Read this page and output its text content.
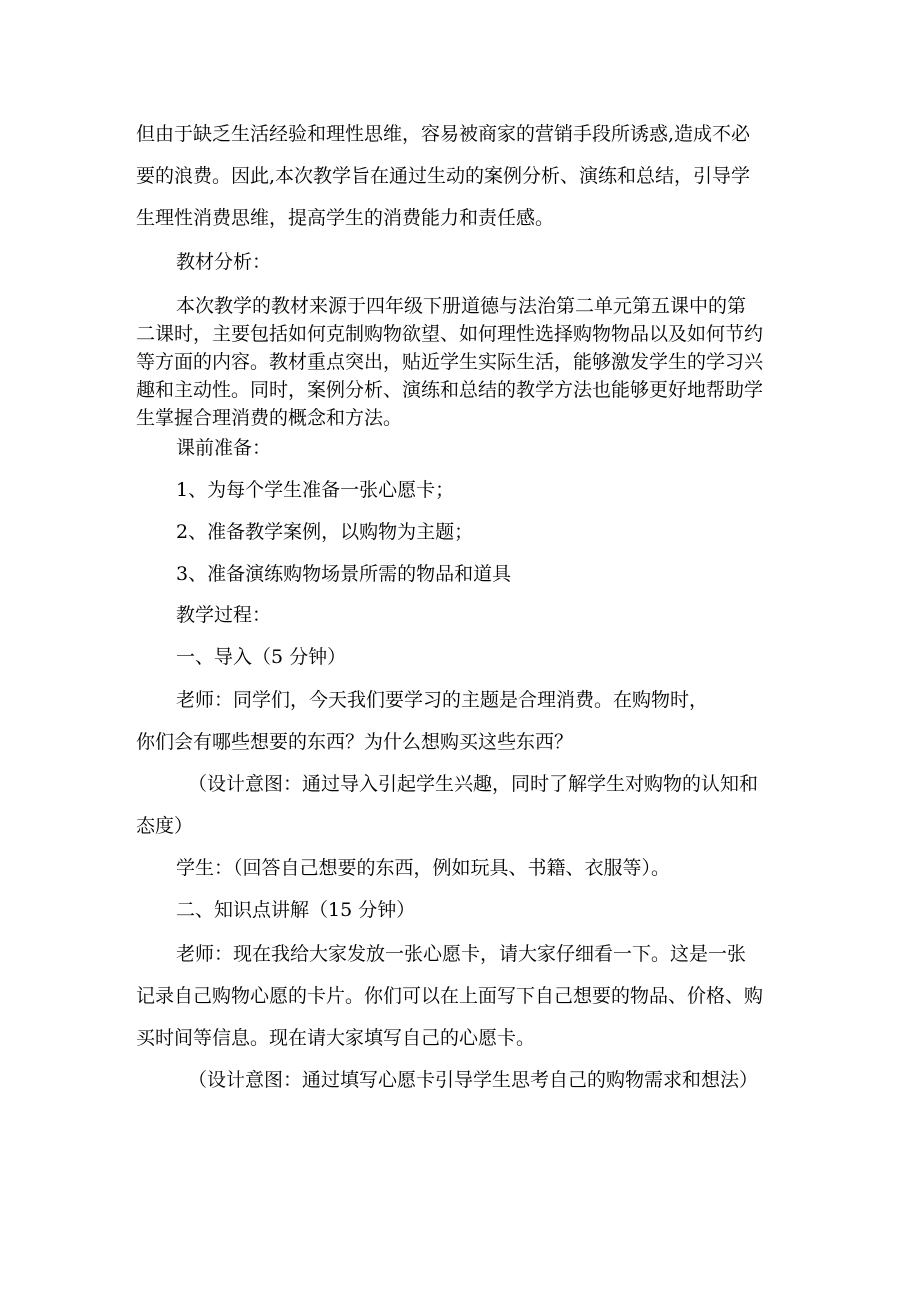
但由于缺乏生活经验和理性思维，容易被商家的营销手段所诱惑,造成不必

要的浪费。因此,本次教学旨在通过生动的案例分析、演练和总结，引导学

生理性消费思维，提高学生的消费能力和责任感。

教材分析：

本次教学的教材来源于四年级下册道德与法治第二单元第五课中的第

二课时，主要包括如何克制购物欲望、如何理性选择购物物品以及如何节约

等方面的内容。教材重点突出，贴近学生实际生活，能够激发学生的学习兴

趣和主动性。同时，案例分析、演练和总结的教学方法也能够更好地帮助学

生掌握合理消费的概念和方法。

课前准备：

1、为每个学生准备一张心愿卡；

2、准备教学案例，以购物为主题；

3、准备演练购物场景所需的物品和道具

教学过程：

一、导入（5 分钟）

老师：同学们，今天我们要学习的主题是合理消费。在购物时，

你们会有哪些想要的东西？为什么想购买这些东西？

（设计意图：通过导入引起学生兴趣，同时了解学生对购物的认知和

态度）

学生：（回答自己想要的东西，例如玩具、书籍、衣服等）。

二、知识点讲解（15 分钟）

老师：现在我给大家发放一张心愿卡，请大家仔细看一下。这是一张

记录自己购物心愿的卡片。你们可以在上面写下自己想要的物品、价格、购

买时间等信息。现在请大家填写自己的心愿卡。

（设计意图：通过填写心愿卡引导学生思考自己的购物需求和想法）
